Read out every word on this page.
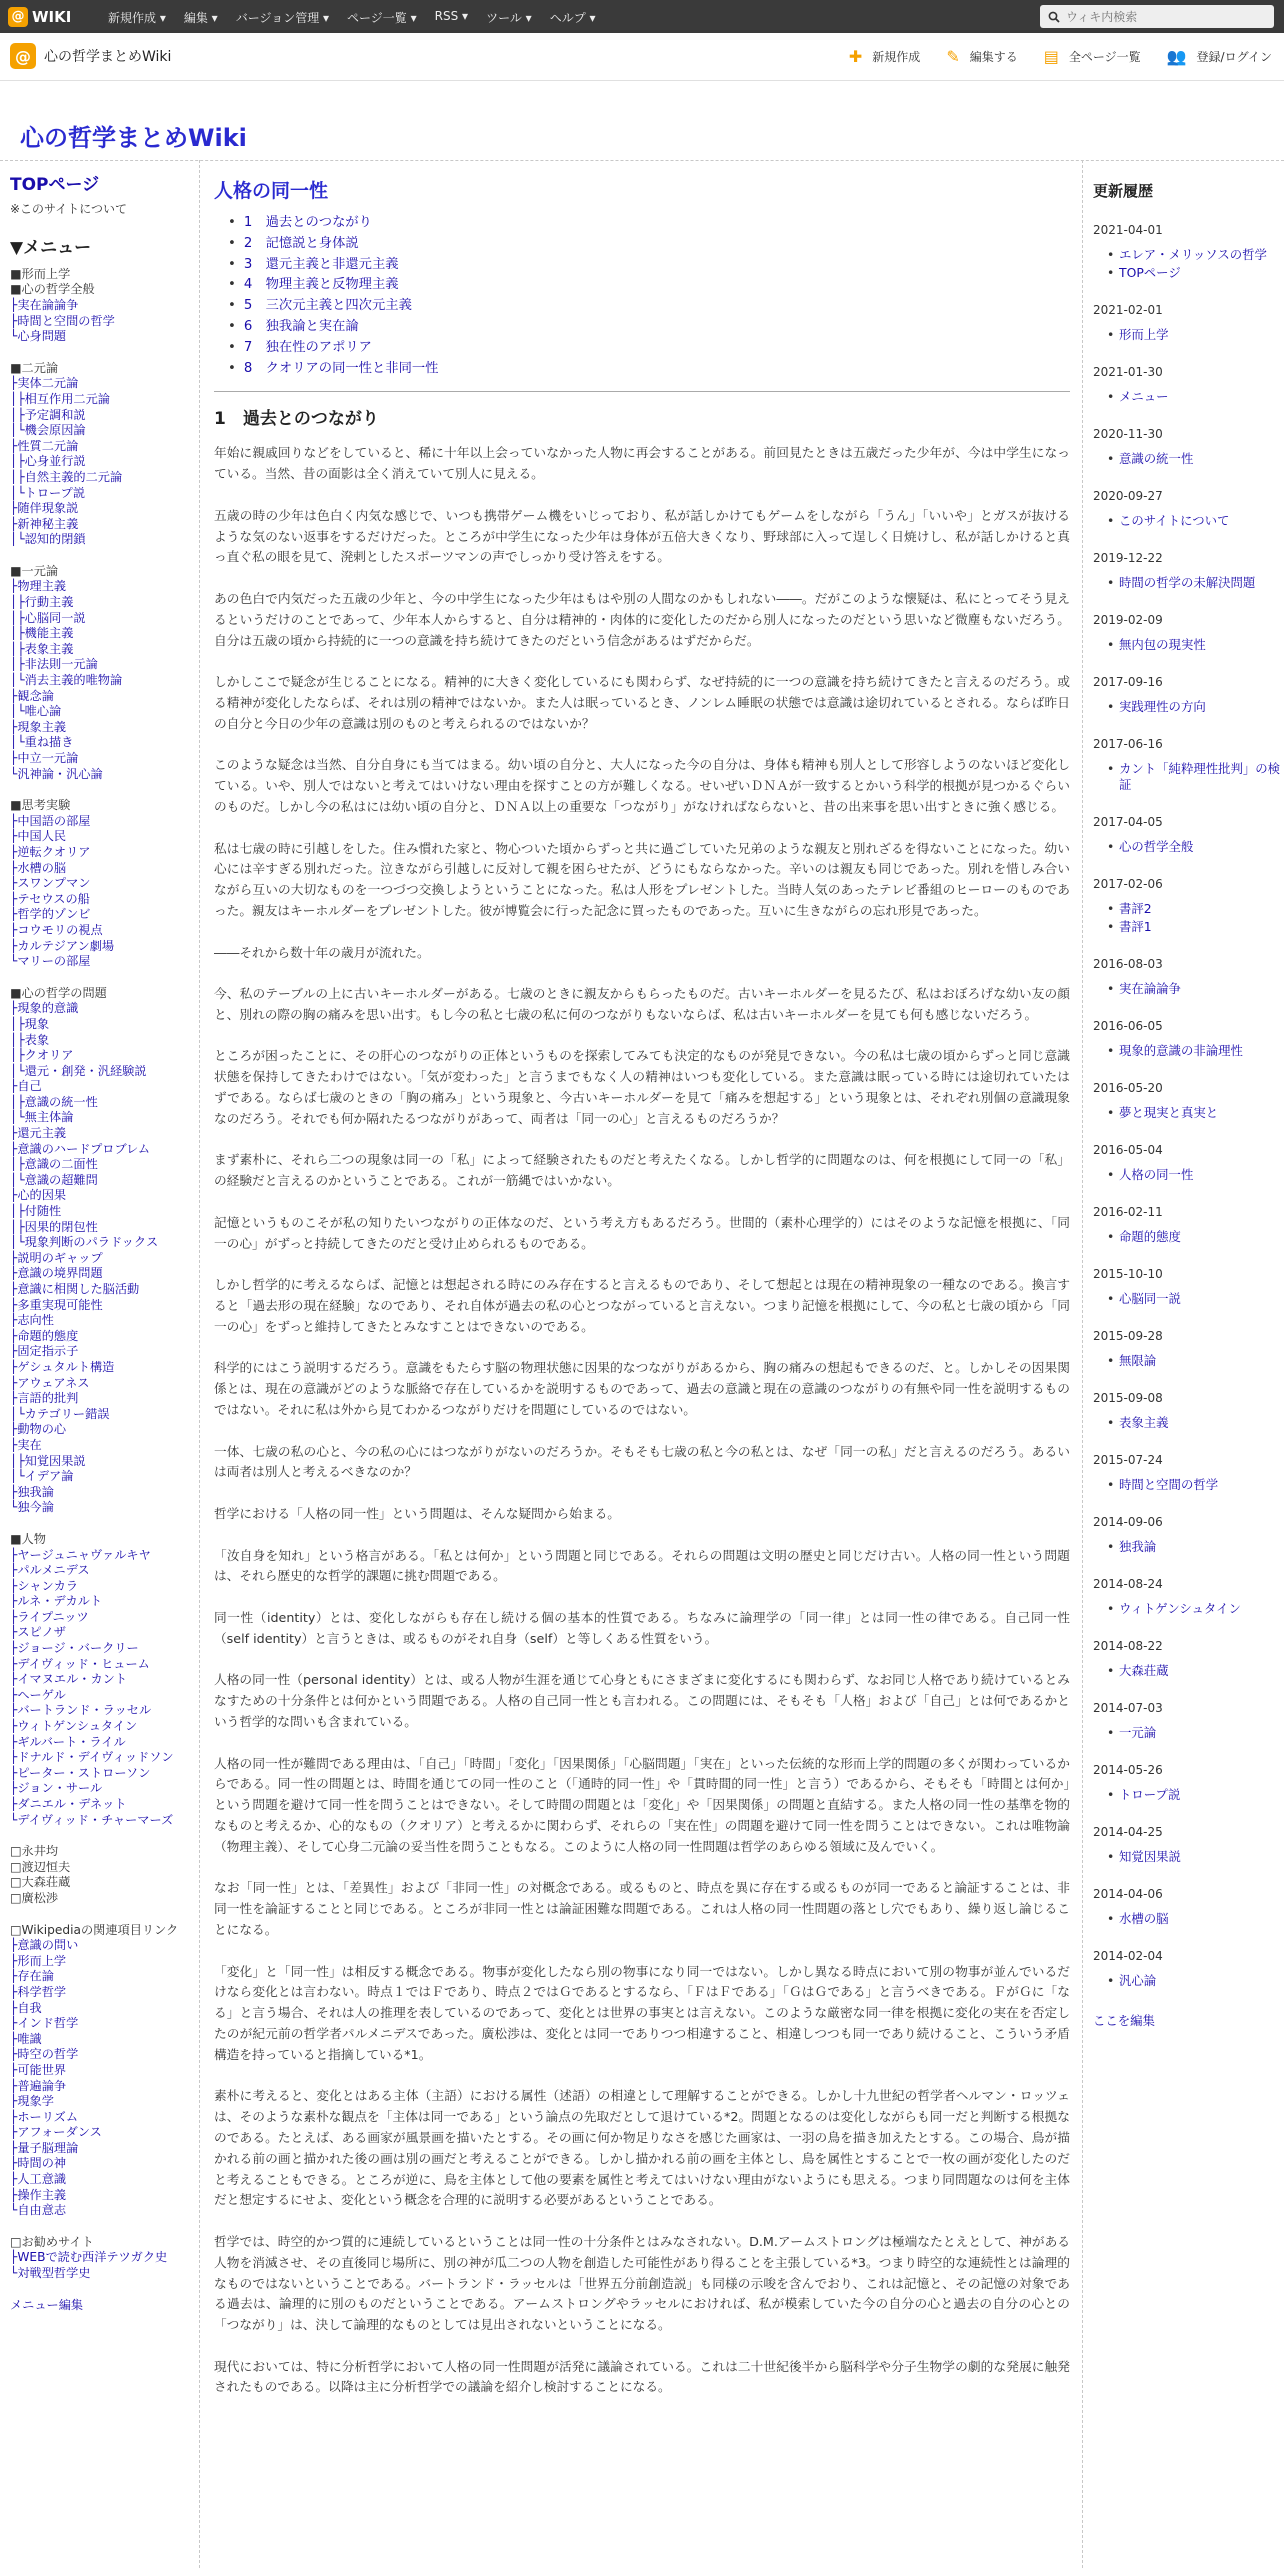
@ WIKI	新規作成 ▾ 編集 ▾ バージョン管理 ▾ ページ一覧 ▾ RSS ▾ ツール ▾ ヘルプ ▾
ウィキ内検索
@ 心の哲学まとめWiki	✚ 新規作成 ✎ 編集する ▤ 全ページ一覧 👥 登録/ログイン
心の哲学まとめWiki
TOPページ
※このサイトについて
▼メニュー
■形而上学
■心の哲学全般
├実在論論争
├時間と空間の哲学
└心身問題
■二元論
├実体二元論
│├相互作用二元論
│├予定調和説
│└機会原因論
├性質二元論
│├心身並行説
│├自然主義的二元論
│└トロープ説
├随伴現象説
├新神秘主義
│└認知的閉鎖
■一元論
├物理主義
│├行動主義
│├心脳同一説
│├機能主義
│├表象主義
│├非法則一元論
│└消去主義的唯物論
├観念論
│└唯心論
├現象主義
│└重ね描き
├中立一元論
└汎神論・汎心論
■思考実験
├中国語の部屋
├中国人民
├逆転クオリア
├水槽の脳
├スワンプマン
├テセウスの船
├哲学的ゾンビ
├コウモリの視点
├カルテジアン劇場
└マリーの部屋
■心の哲学の問題
├現象的意識
│├現象
│├表象
│├クオリア
│└還元・創発・汎経験説
├自己
│├意識の統一性
│└無主体論
├還元主義
├意識のハードプロブレム
│├意識の二面性
│└意識の超難問
├心的因果
│├付随性
│├因果的閉包性
│└現象判断のパラドックス
├説明のギャップ
├意識の境界問題
├意識に相関した脳活動
├多重実現可能性
├志向性
├命題的態度
├固定指示子
├ゲシュタルト構造
├アウェアネス
├言語的批判
│└カテゴリー錯誤
├動物の心
├実在
│├知覚因果説
│└イデア論
├独我論
└独今論
■人物
├ヤージュニャヴァルキヤ
├パルメニデス
├シャンカラ
├ルネ・デカルト
├ライプニッツ
├スピノザ
├ジョージ・バークリー
├デイヴィッド・ヒューム
├イマヌエル・カント
├ヘーゲル
├バートランド・ラッセル
├ウィトゲンシュタイン
├ギルバート・ライル
├ドナルド・デイヴィッドソン
├ピーター・ストローソン
├ジョン・サール
├ダニエル・デネット
└デイヴィッド・チャーマーズ
□永井均
□渡辺恒夫
□大森荘蔵
□廣松渉
□Wikipediaの関連項目リンク
├意識の問い
├形而上学
├存在論
├科学哲学
├自我
├インド哲学
├唯識
├時空の哲学
├可能世界
├普遍論争
├現象学
├ホーリズム
├アフォーダンス
├量子脳理論
├時間の神
├人工意識
├操作主義
└自由意志
□お勧めサイト
├WEBで読む西洋テツガク史
└対戦型哲学史
メニュー編集
人格の同一性
• 1　過去とのつながり
• 2　記憶説と身体説
• 3　還元主義と非還元主義
• 4　物理主義と反物理主義
• 5　三次元主義と四次元主義
• 6　独我論と実在論
• 7　独在性のアポリア
• 8　クオリアの同一性と非同一性
1　過去とのつながり

年始に親戚回りなどをしていると、稀に十年以上会っていなかった人物に再会することがある。前回見たときは五歳だった少年が、今は中学生になっている。当然、昔の面影は全く消えていて別人に見える。

五歳の時の少年は色白く内気な感じで、いつも携帯ゲーム機をいじっており、私が話しかけてもゲームをしながら「うん」「いいや」とガスが抜けるような気のない返事をするだけだった。ところが中学生になった少年は身体が五倍大きくなり、野球部に入って逞しく日焼けし、私が話しかけると真っ直ぐ私の眼を見て、溌剌としたスポーツマンの声でしっかり受け答えをする。

あの色白で内気だった五歳の少年と、今の中学生になった少年はもはや別の人間なのかもしれない――。だがこのような懐疑は、私にとってそう見えるというだけのことであって、少年本人からすると、自分は精神的・肉体的に変化したのだから別人になったのだという思いなど微塵もないだろう。自分は五歳の頃から持続的に一つの意識を持ち続けてきたのだという信念があるはずだからだ。

しかしここで疑念が生じることになる。精神的に大きく変化しているにも関わらず、なぜ持続的に一つの意識を持ち続けてきたと言えるのだろう。或る精神が変化したならば、それは別の精神ではないか。また人は眠っているとき、ノンレム睡眠の状態では意識は途切れているとされる。ならば昨日の自分と今日の少年の意識は別のものと考えられるのではないか？

このような疑念は当然、自分自身にも当てはまる。幼い頃の自分と、大人になった今の自分は、身体も精神も別人として形容しようのないほど変化している。いや、別人ではないと考えてはいけない理由を探すことの方が難しくなる。せいぜいＤＮＡが一致するとかいう科学的根拠が見つかるぐらいのものだ。しかし今の私はには幼い頃の自分と、ＤＮＡ以上の重要な「つながり」がなければならないと、昔の出来事を思い出すときに強く感じる。

私は七歳の時に引越しをした。住み慣れた家と、物心ついた頃からずっと共に過ごしていた兄弟のような親友と別れざるを得ないことになった。幼い心には辛すぎる別れだった。泣きながら引越しに反対して親を困らせたが、どうにもならなかった。辛いのは親友も同じであった。別れを惜しみ合いながら互いの大切なものを一つづつ交換しようということになった。私は人形をプレゼントした。当時人気のあったテレビ番組のヒーローのものであった。親友はキーホルダーをプレゼントした。彼が博覧会に行った記念に買ったものであった。互いに生きながらの忘れ形見であった。

――それから数十年の歳月が流れた。

今、私のテーブルの上に古いキーホルダーがある。七歳のときに親友からもらったものだ。古いキーホルダーを見るたび、私はおぼろげな幼い友の顔と、別れの際の胸の痛みを思い出す。もし今の私と七歳の私に何のつながりもないならば、私は古いキーホルダーを見ても何も感じないだろう。

ところが困ったことに、その肝心のつながりの正体というものを探索してみても決定的なものが発見できない。今の私は七歳の頃からずっと同じ意識状態を保持してきたわけではない。「気が変わった」と言うまでもなく人の精神はいつも変化している。また意識は眠っている時には途切れていたはずである。ならば七歳のときの「胸の痛み」という現象と、今古いキーホルダーを見て「痛みを想起する」という現象とは、それぞれ別個の意識現象なのだろう。それでも何か隔れたるつながりがあって、両者は「同一の心」と言えるものだろうか？

まず素朴に、それら二つの現象は同一の「私」によって経験されたものだと考えたくなる。しかし哲学的に問題なのは、何を根拠にして同一の「私」の経験だと言えるのかということである。これが一筋縄ではいかない。

記憶というものこそが私の知りたいつながりの正体なのだ、という考え方もあるだろう。世間的（素朴心理学的）にはそのような記憶を根拠に、「同一の心」がずっと持続してきたのだと受け止められるものである。

しかし哲学的に考えるならば、記憶とは想起される時にのみ存在すると言えるものであり、そして想起とは現在の精神現象の一種なのである。換言すると「過去形の現在経験」なのであり、それ自体が過去の私の心とつながっていると言えない。つまり記憶を根拠にして、今の私と七歳の頃から「同一の心」をずっと維持してきたとみなすことはできないのである。

科学的にはこう説明するだろう。意識をもたらす脳の物理状態に因果的なつながりがあるから、胸の痛みの想起もできるのだ、と。しかしその因果関係とは、現在の意識がどのような脈絡で存在しているかを説明するものであって、過去の意識と現在の意識のつながりの有無や同一性を説明するものではない。それに私は外から見てわかるつながりだけを問題にしているのではない。

一体、七歳の私の心と、今の私の心にはつながりがないのだろうか。そもそも七歳の私と今の私とは、なぜ「同一の私」だと言えるのだろう。あるいは両者は別人と考えるべきなのか？

哲学における「人格の同一性」という問題は、そんな疑問から始まる。

「汝自身を知れ」という格言がある。「私とは何か」という問題と同じである。それらの問題は文明の歴史と同じだけ古い。人格の同一性という問題は、それら歴史的な哲学的課題に挑む問題である。

同一性（identity）とは、変化しながらも存在し続ける個の基本的性質である。ちなみに論理学の「同一律」とは同一性の律である。自己同一性（self identity）と言うときは、或るものがそれ自身（self）と等しくある性質をいう。

人格の同一性（personal identity）とは、或る人物が生涯を通じて心身ともにさまざまに変化するにも関わらず、なお同じ人格であり続けているとみなすための十分条件とは何かという問題である。人格の自己同一性とも言われる。この問題には、そもそも「人格」および「自己」とは何であるかという哲学的な問いも含まれている。

人格の同一性が難問である理由は、「自己」「時間」「変化」「因果関係」「心脳問題」「実在」といった伝統的な形而上学的問題の多くが関わっているからである。同一性の問題とは、時間を通じての同一性のこと（「通時的同一性」や「貫時間的同一性」と言う）であるから、そもそも「時間とは何か」という問題を避けて同一性を問うことはできない。そして時間の問題とは「変化」や「因果関係」の問題と直結する。また人格の同一性の基準を物的なものと考えるか、心的なもの（クオリア）と考えるかに関わらず、それらの「実在性」の問題を避けて同一性を問うことはできない。これは唯物論（物理主義）、そして心身二元論の妥当性を問うこともなる。このように人格の同一性問題は哲学のあらゆる領域に及んでいく。

なお「同一性」とは、「差異性」および「非同一性」の対概念である。或るものと、時点を異に存在する或るものが同一であると論証することは、非同一性を論証することと同じである。ところが非同一性とは論証困難な問題である。これは人格の同一性問題の落とし穴でもあり、繰り返し論じることになる。

「変化」と「同一性」は相反する概念である。物事が変化したなら別の物事になり同一ではない。しかし異なる時点において別の物事が並んでいるだけなら変化とは言わない。時点１ではＦであり、時点２ではＧであるとするなら、「ＦはＦである」「ＧはＧである」と言うべきである。ＦがＧに「なる」と言う場合、それは人の推理を表しているのであって、変化とは世界の事実とは言えない。このような厳密な同一律を根拠に変化の実在を否定したのが紀元前の哲学者パルメニデスであった。廣松渉は、変化とは同一でありつつ相違すること、相違しつつも同一であり続けること、こういう矛盾構造を持っていると指摘している*1。

素朴に考えると、変化とはある主体（主語）における属性（述語）の相違として理解することができる。しかし十九世紀の哲学者ヘルマン・ロッツェは、そのような素朴な観点を「主体は同一である」という論点の先取だとして退けている*2。問題となるのは変化しながらも同一だと判断する根拠なのである。たとえば、ある画家が風景画を描いたとする。その画に何か物足りなさを感じた画家は、一羽の鳥を描き加えたとする。この場合、鳥が描かれる前の画と描かれた後の画は別の画だと考えることができる。しかし描かれる前の画を主体とし、鳥を属性とすることで一枚の画が変化したのだと考えることもできる。ところが逆に、鳥を主体として他の要素を属性と考えてはいけない理由がないようにも思える。つまり同問題なのは何を主体だと想定するにせよ、変化という概念を合理的に説明する必要があるということである。

哲学では、時空的かつ質的に連続しているということは同一性の十分条件とはみなされない。D.M.アームストロングは極端なたとえとして、神がある人物を消滅させ、その直後同じ場所に、別の神が瓜二つの人物を創造した可能性があり得ることを主張している*3。つまり時空的な連続性とは論理的なものではないということである。バートランド・ラッセルは「世界五分前創造説」も同様の示唆を含んでおり、これは記憶と、その記憶の対象である過去は、論理的に別のものだということである。アームストロングやラッセルにおければ、私が模索していた今の自分の心と過去の自分の心との「つながり」は、決して論理的なものとしては見出されないということになる。

現代においては、特に分析哲学において人格の同一性問題が活発に議論されている。これは二十世紀後半から脳科学や分子生物学の劇的な発展に触発されたものである。以降は主に分析哲学での議論を紹介し検討することになる。

更新履歴
2021-04-01
• エレア・メリッソスの哲学
• TOPページ
2021-02-01
• 形而上学
2021-01-30
• メニュー
2020-11-30
• 意識の統一性
2020-09-27
• このサイトについて
2019-12-22
• 時間の哲学の未解決問題
2019-02-09
• 無内包の現実性
2017-09-16
• 実践理性の方向
2017-06-16
• カント「純粋理性批判」の検証
2017-04-05
• 心の哲学全般
2017-02-06
• 書評2
• 書評1
2016-08-03
• 実在論論争
2016-06-05
• 現象的意識の非論理性
2016-05-20
• 夢と現実と真実と
2016-05-04
• 人格の同一性
2016-02-11
• 命題的態度
2015-10-10
• 心脳同一説
2015-09-28
• 無限論
2015-09-08
• 表象主義
2015-07-24
• 時間と空間の哲学
2014-09-06
• 独我論
2014-08-24
• ウィトゲンシュタイン
2014-08-22
• 大森荘蔵
2014-07-03
• 一元論
2014-05-26
• トロープ説
2014-04-25
• 知覚因果説
2014-04-06
• 水槽の脳
2014-02-04
• 汎心論
ここを編集
